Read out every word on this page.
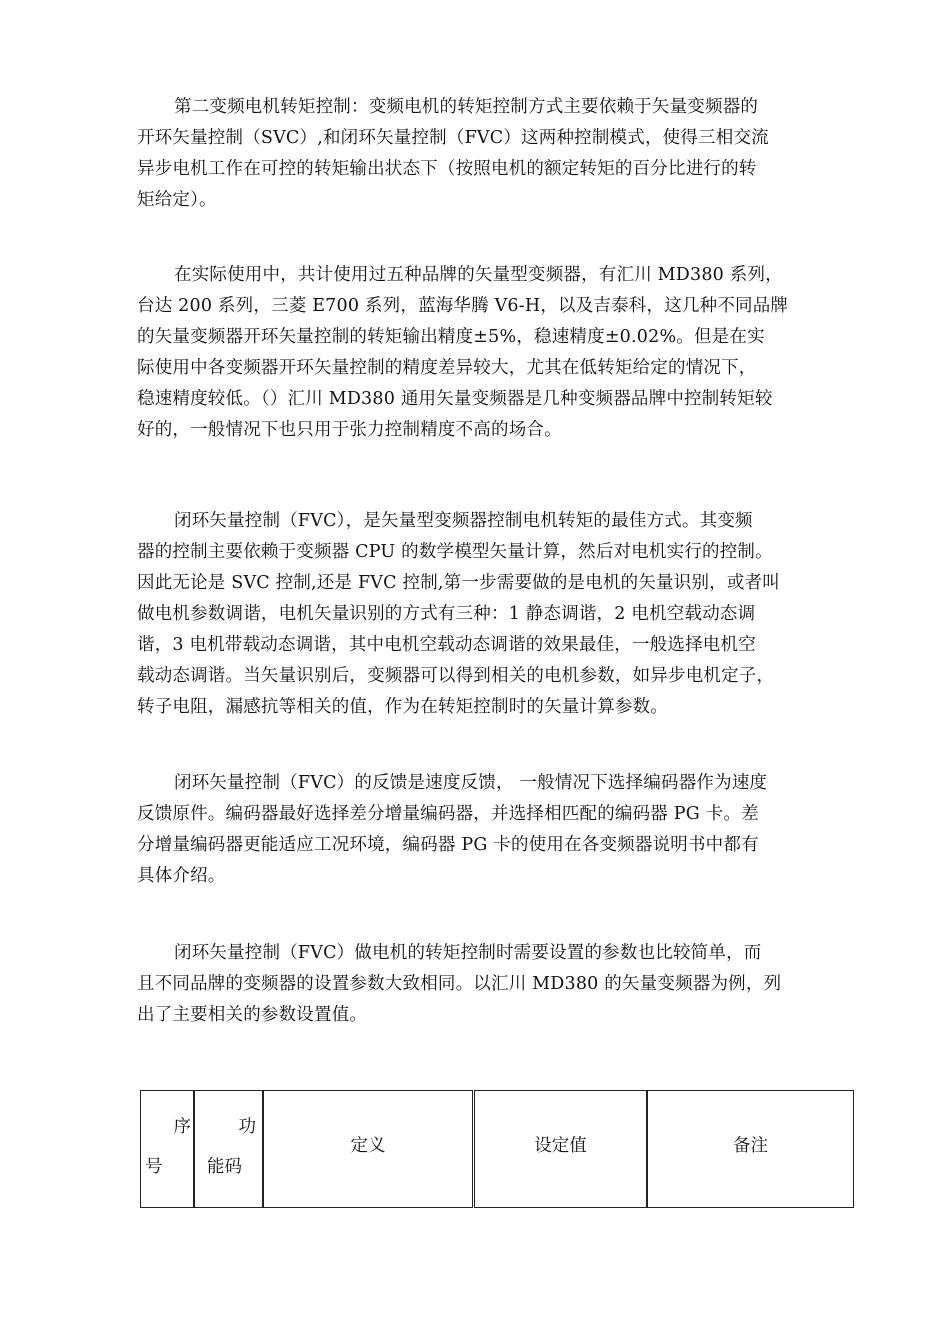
第二变频电机转矩控制：变频电机的转矩控制方式主要依赖于矢量变频器的
开环矢量控制（SVC）,和闭环矢量控制（FVC）这两种控制模式，使得三相交流
异步电机工作在可控的转矩输出状态下（按照电机的额定转矩的百分比进行的转
矩给定）。
在实际使用中，共计使用过五种品牌的矢量型变频器，有汇川 MD380 系列，
台达 200 系列，三菱 E700 系列，蓝海华腾 V6-H，以及吉泰科，这几种不同品牌
的矢量变频器开环矢量控制的转矩输出精度±5%，稳速精度±0.02%。但是在实
际使用中各变频器开环矢量控制的精度差异较大，尤其在低转矩给定的情况下，
稳速精度较低。（）汇川 MD380 通用矢量变频器是几种变频器品牌中控制转矩较
好的，一般情况下也只用于张力控制精度不高的场合。
闭环矢量控制（FVC），是矢量型变频器控制电机转矩的最佳方式。其变频
器的控制主要依赖于变频器 CPU 的数学模型矢量计算，然后对电机实行的控制。
因此无论是 SVC 控制,还是 FVC 控制,第一步需要做的是电机的矢量识别，或者叫
做电机参数调谐，电机矢量识别的方式有三种：1 静态调谐，2 电机空载动态调
谐，3 电机带载动态调谐，其中电机空载动态调谐的效果最佳，一般选择电机空
载动态调谐。当矢量识别后，变频器可以得到相关的电机参数，如异步电机定子，
转子电阻，漏感抗等相关的值，作为在转矩控制时的矢量计算参数。
闭环矢量控制（FVC）的反馈是速度反馈， 一般情况下选择编码器作为速度
反馈原件。编码器最好选择差分增量编码器，并选择相匹配的编码器 PG 卡。差
分增量编码器更能适应工况环境，编码器 PG 卡的使用在各变频器说明书中都有
具体介绍。
闭环矢量控制（FVC）做电机的转矩控制时需要设置的参数也比较简单，而
且不同品牌的变频器的设置参数大致相同。以汇川 MD380 的矢量变频器为例，列
出了主要相关的参数设置值。
序
号
功
能码
定义	设定值	备注
